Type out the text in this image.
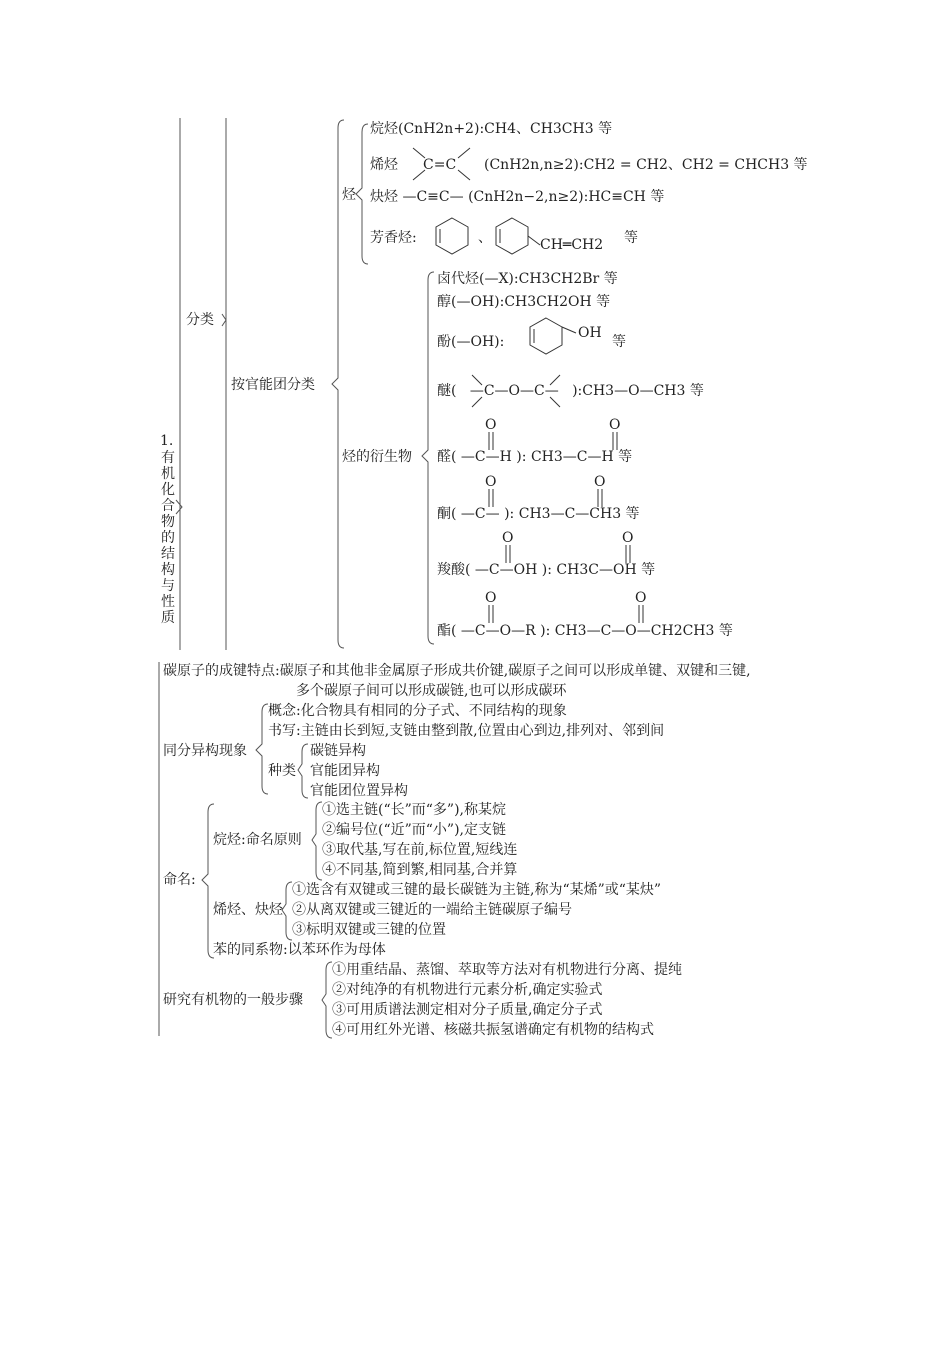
1.
有机化合物的结构与性质
分类
按官能团分类
烃
烃的衍生物
烷烃(CnH2n+2):CH4、CH3CH3 等
烯烃 C=C (CnH2n,n≥2):CH2 = CH2、CH2 = CHCH3 等
炔烃 —C≡C— (CnH2n−2,n≥2):HC≡CH 等
芳香烃:	、	CH═CH2 等
卤代烃(—X):CH3CH2Br 等
醇(—OH):CH3CH2OH 等
酚(—OH):
OH
等
醚(   —C—O—C—   ):CH3—O—CH3 等
O	O
醛( —C—H ): CH3—C—H 等
O	O
酮( —C— ): CH3—C—CH3 等
O	O
羧酸( —C—OH ): CH3C—OH 等
O	O
酯( —C—O—R ): CH3—C—O—CH2CH3 等
碳原子的成键特点:碳原子和其他非金属原子形成共价键,碳原子之间可以形成单键、双键和三键,
多个碳原子间可以形成碳链,也可以形成碳环
同分异构现象
概念:化合物具有相同的分子式、不同结构的现象
书写:主链由长到短,支链由整到散,位置由心到边,排列对、邻到间
种类
碳链异构
官能团异构
官能团位置异构
命名:
烷烃:命名原则
①选主链(“长”而“多”),称某烷
②编号位(“近”而“小”),定支链
③取代基,写在前,标位置,短线连
④不同基,简到繁,相同基,合并算
烯烃、炔烃
①选含有双键或三键的最长碳链为主链,称为“某烯”或“某炔”
②从离双键或三键近的一端给主链碳原子编号
③标明双键或三键的位置
苯的同系物:以苯环作为母体
研究有机物的一般步骤
①用重结晶、蒸馏、萃取等方法对有机物进行分离、提纯
②对纯净的有机物进行元素分析,确定实验式
③可用质谱法测定相对分子质量,确定分子式
④可用红外光谱、核磁共振氢谱确定有机物的结构式
